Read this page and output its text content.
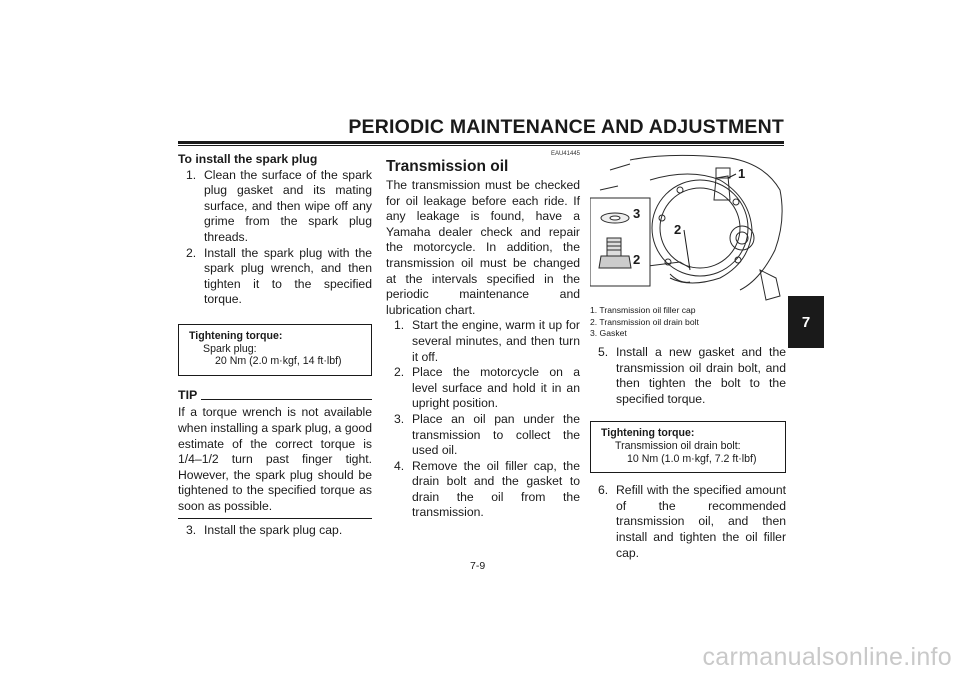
PERIODIC MAINTENANCE AND ADJUSTMENT

To install the spark plug

1. Clean the surface of the spark plug gasket and its mating surface, and then wipe off any grime from the spark plug threads.
2. Install the spark plug with the spark plug wrench, and then tighten it to the specified torque.
Tightening torque:
Spark plug:
20 Nm (2.0 m·kgf, 14 ft·lbf)
TIP

If a torque wrench is not available when installing a spark plug, a good estimate of the correct torque is 1/4–1/2 turn past finger tight. However, the spark plug should be tightened to the specified torque as soon as possible.

3. Install the spark plug cap.
EAU41445
Transmission oil

The transmission must be checked for oil leakage before each ride. If any leakage is found, have a Yamaha dealer check and repair the motorcycle. In addition, the transmission oil must be changed at the intervals specified in the periodic maintenance and lubrication chart.

1. Start the engine, warm it up for several minutes, and then turn it off.
2. Place the motorcycle on a level surface and hold it in an upright position.
3. Place an oil pan under the transmission to collect the used oil.
4. Remove the oil filler cap, the drain bolt and the gasket to drain the oil from the transmission.
3
2
2
1
1. Transmission oil filler cap
2. Transmission oil drain bolt
3. Gasket
5. Install a new gasket and the transmission oil drain bolt, and then tighten the bolt to the specified torque.
Tightening torque:
Transmission oil drain bolt:
10 Nm (1.0 m·kgf, 7.2 ft·lbf)
6. Refill with the specified amount of the recommended transmission oil, and then install and tighten the oil filler cap.
7-9
7
carmanualsonline.info
